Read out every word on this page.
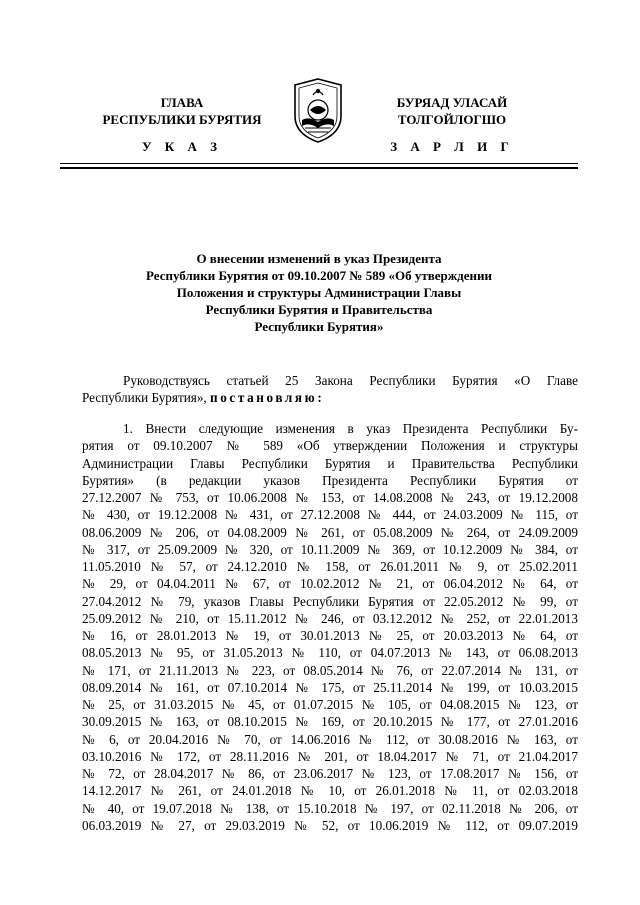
ГЛАВА
РЕСПУБЛИКИ БУРЯТИЯ
БУРЯАД УЛАСАЙ
ТОЛГОЙЛОГШО
У К А З	З А Р Л И Г
О внесении изменений в указ Президента
Республики Бурятия от 09.10.2007 № 589 «Об утверждении
Положения и структуры Администрации Главы
Республики Бурятия и Правительства
Республики Бурятия»
Руководствуясь статьей 25 Закона Республики Бурятия «О Главе
Республики Бурятия», постановляю:
1. Внести следующие изменения в указ Президента Республики Бу-
рятия от 09.10.2007 № 589 «Об утверждении Положения и структуры
Администрации Главы Республики Бурятия и Правительства Республики
Бурятия» (в редакции указов Президента Республики Бурятия от
27.12.2007 № 753, от 10.06.2008 № 153, от 14.08.2008 № 243, от 19.12.2008
№ 430, от 19.12.2008 № 431, от 27.12.2008 № 444, от 24.03.2009 № 115, от
08.06.2009 № 206, от 04.08.2009 № 261, от 05.08.2009 № 264, от 24.09.2009
№ 317, от 25.09.2009 № 320, от 10.11.2009 № 369, от 10.12.2009 № 384, от
11.05.2010 № 57, от 24.12.2010 № 158, от 26.01.2011 № 9, от 25.02.2011
№ 29, от 04.04.2011 № 67, от 10.02.2012 № 21, от 06.04.2012 № 64, от
27.04.2012 № 79, указов Главы Республики Бурятия от 22.05.2012 № 99, от
25.09.2012 № 210, от 15.11.2012 № 246, от 03.12.2012 № 252, от 22.01.2013
№ 16, от 28.01.2013 № 19, от 30.01.2013 № 25, от 20.03.2013 № 64, от
08.05.2013 № 95, от 31.05.2013 № 110, от 04.07.2013 № 143, от 06.08.2013
№ 171, от 21.11.2013 № 223, от 08.05.2014 № 76, от 22.07.2014 № 131, от
08.09.2014 № 161, от 07.10.2014 № 175, от 25.11.2014 № 199, от 10.03.2015
№ 25, от 31.03.2015 № 45, от 01.07.2015 № 105, от 04.08.2015 № 123, от
30.09.2015 № 163, от 08.10.2015 № 169, от 20.10.2015 № 177, от 27.01.2016
№ 6, от 20.04.2016 № 70, от 14.06.2016 № 112, от 30.08.2016 № 163, от
03.10.2016 № 172, от 28.11.2016 № 201, от 18.04.2017 № 71, от 21.04.2017
№ 72, от 28.04.2017 № 86, от 23.06.2017 № 123, от 17.08.2017 № 156, от
14.12.2017 № 261, от 24.01.2018 № 10, от 26.01.2018 № 11, от 02.03.2018
№ 40, от 19.07.2018 № 138, от 15.10.2018 № 197, от 02.11.2018 № 206, от
06.03.2019 № 27, от 29.03.2019 № 52, от 10.06.2019 № 112, от 09.07.2019
